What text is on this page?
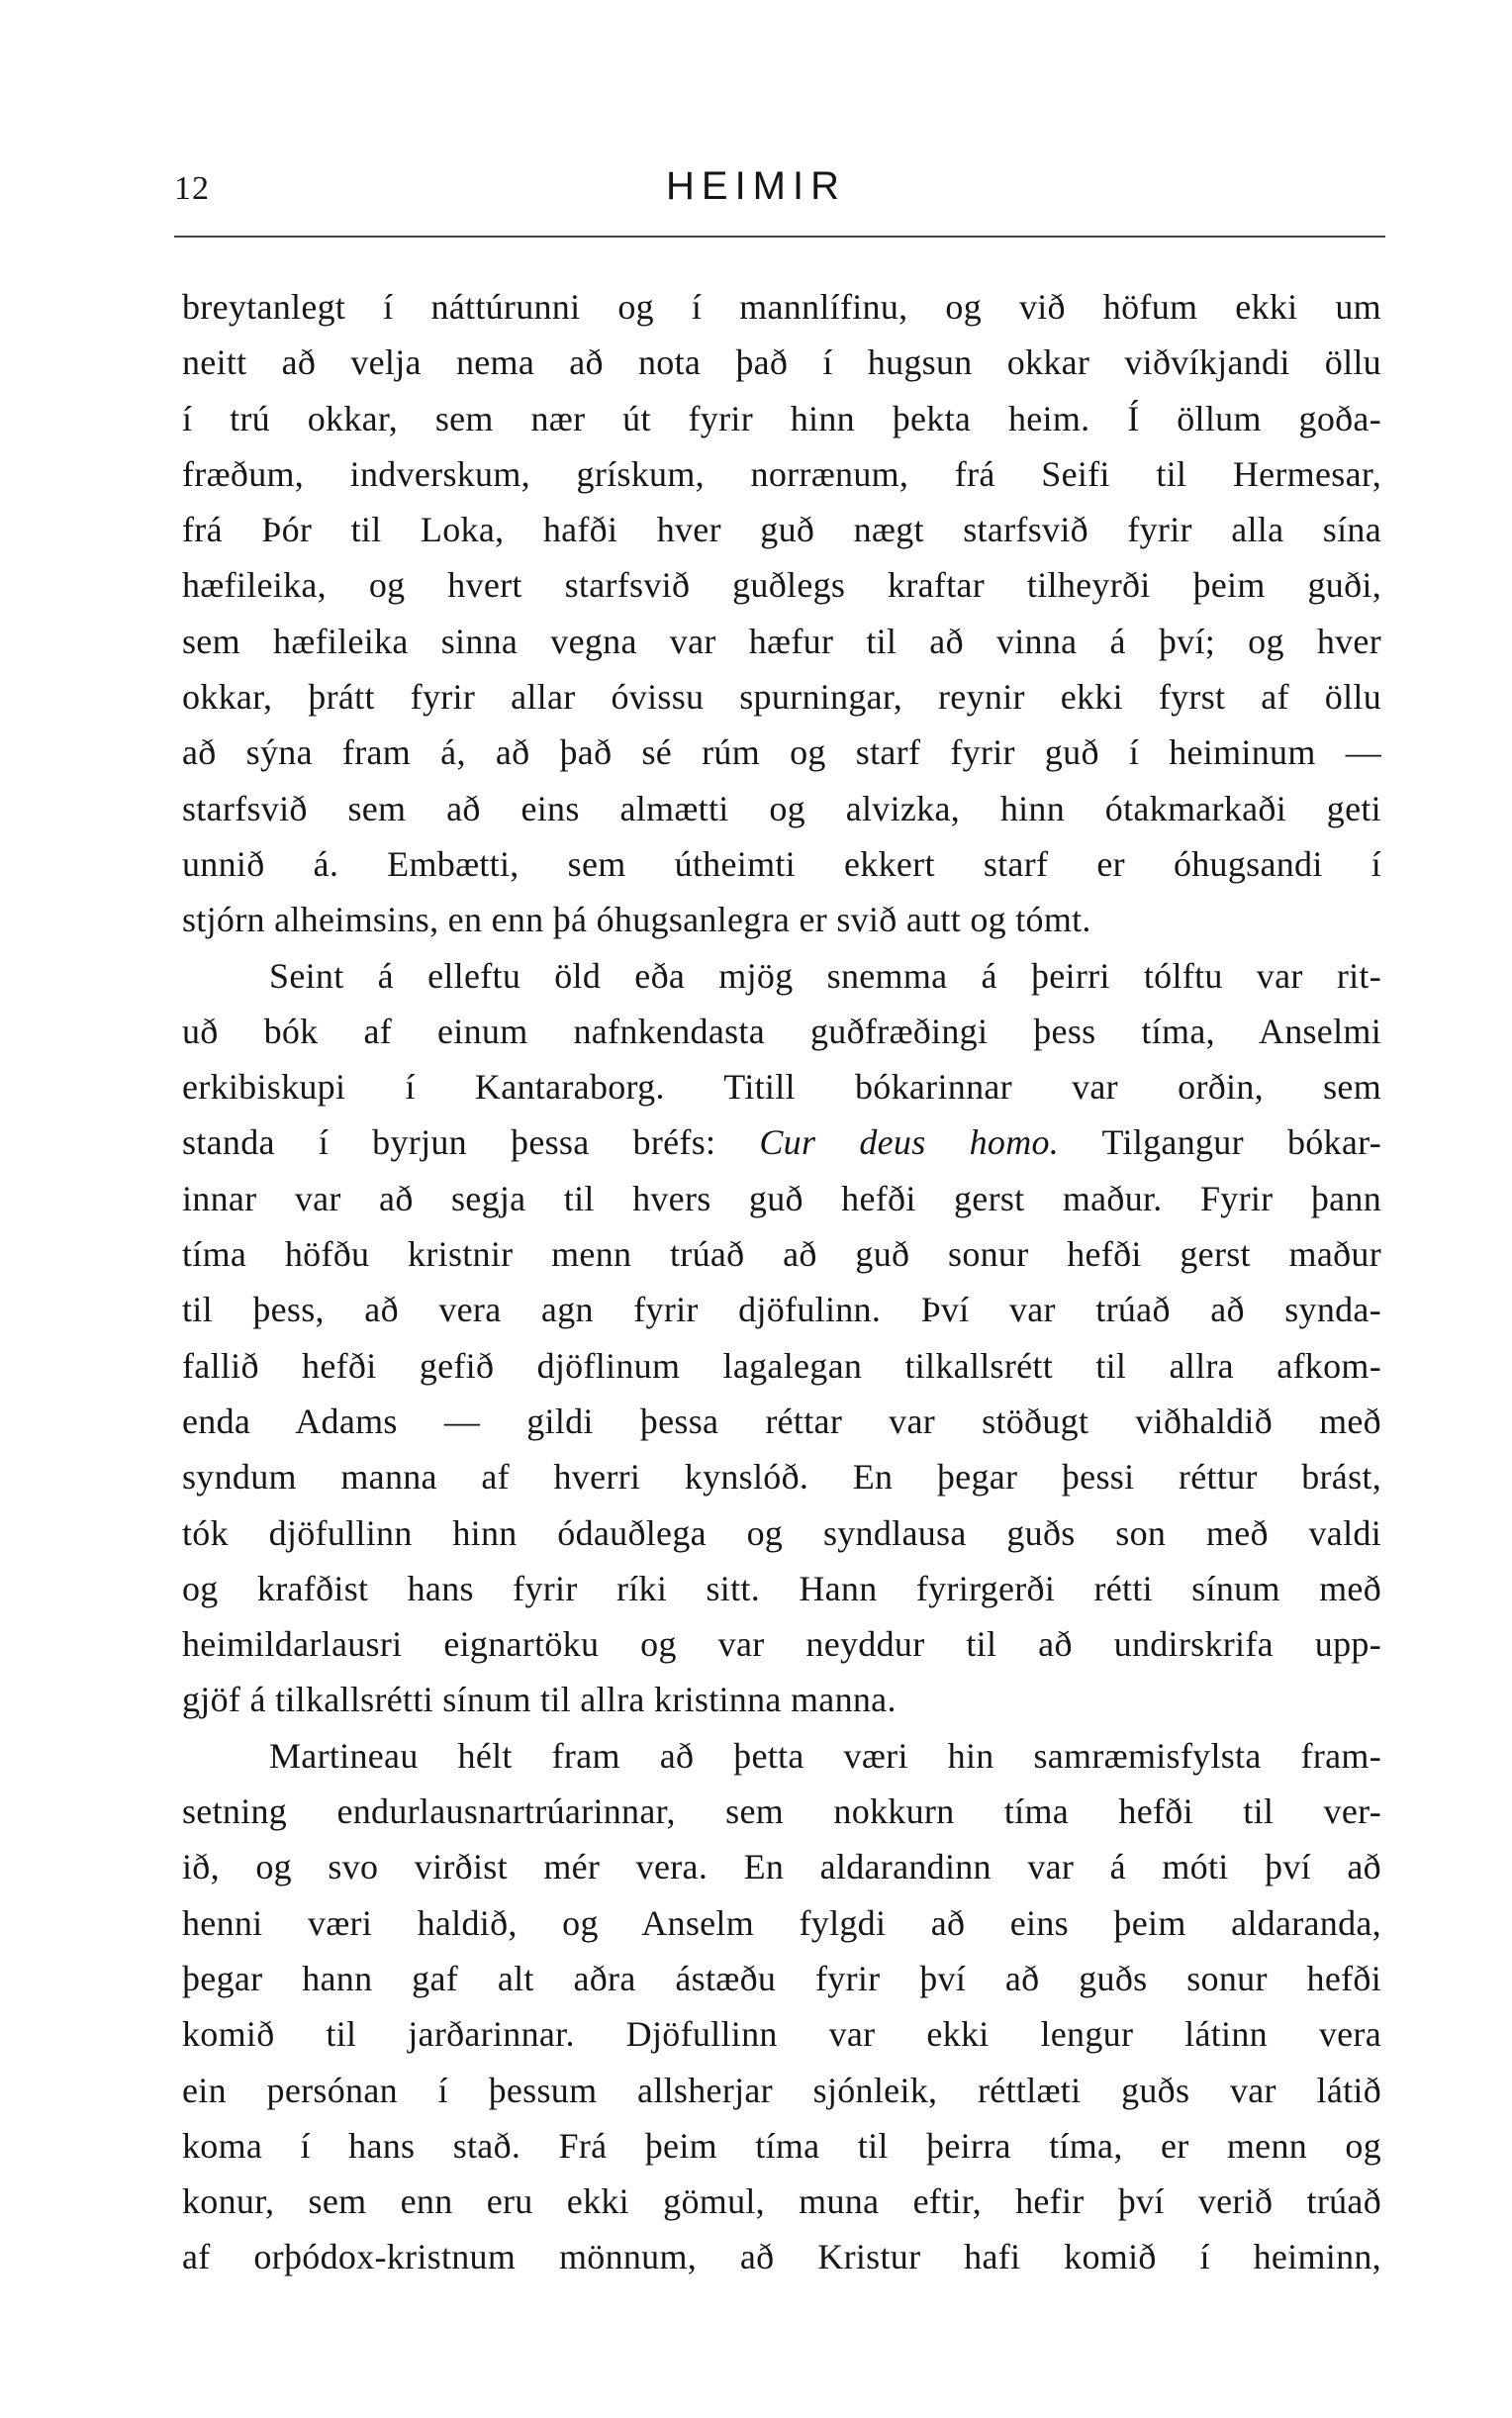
12	HEIMIR
breytanlegt í náttúrunni og í mannlífinu, og við höfum ekki um
neitt að velja nema að nota það í hugsun okkar viðvíkjandi öllu
í trú okkar, sem nær út fyrir hinn þekta heim. Í öllum goða-
fræðum, indverskum, grískum, norrænum, frá Seifi til Hermesar,
frá Þór til Loka, hafði hver guð nægt starfsvið fyrir alla sína
hæfileika, og hvert starfsvið guðlegs kraftar tilheyrði þeim guði,
sem hæfileika sinna vegna var hæfur til að vinna á því; og hver
okkar, þrátt fyrir allar óvissu spurningar, reynir ekki fyrst af öllu
að sýna fram á, að það sé rúm og starf fyrir guð í heiminum —
starfsvið sem að eins almætti og alvizka, hinn ótakmarkaði geti
unnið á. Embætti, sem útheimti ekkert starf er óhugsandi í
stjórn alheimsins, en enn þá óhugsanlegra er svið autt og tómt.
Seint á elleftu öld eða mjög snemma á þeirri tólftu var rit-
uð bók af einum nafnkendasta guðfræðingi þess tíma, Anselmi
erkibiskupi í Kantaraborg. Titill bókarinnar var orðin, sem
standa í byrjun þessa bréfs: Cur deus homo. Tilgangur bókar-
innar var að segja til hvers guð hefði gerst maður. Fyrir þann
tíma höfðu kristnir menn trúað að guð sonur hefði gerst maður
til þess, að vera agn fyrir djöfulinn. Því var trúað að synda-
fallið hefði gefið djöflinum lagalegan tilkallsrétt til allra afkom-
enda Adams — gildi þessa réttar var stöðugt viðhaldið með
syndum manna af hverri kynslóð. En þegar þessi réttur brást,
tók djöfullinn hinn ódauðlega og syndlausa guðs son með valdi
og krafðist hans fyrir ríki sitt. Hann fyrirgerði rétti sínum með
heimildarlausri eignartöku og var neyddur til að undirskrifa upp-
gjöf á tilkallsrétti sínum til allra kristinna manna.
Martineau hélt fram að þetta væri hin samræmisfylsta fram-
setning endurlausnartrúarinnar, sem nokkurn tíma hefði til ver-
ið, og svo virðist mér vera. En aldarandinn var á móti því að
henni væri haldið, og Anselm fylgdi að eins þeim aldaranda,
þegar hann gaf alt aðra ástæðu fyrir því að guðs sonur hefði
komið til jarðarinnar. Djöfullinn var ekki lengur látinn vera
ein persónan í þessum allsherjar sjónleik, réttlæti guðs var látið
koma í hans stað. Frá þeim tíma til þeirra tíma, er menn og
konur, sem enn eru ekki gömul, muna eftir, hefir því verið trúað
af orþódox-kristnum mönnum, að Kristur hafi komið í heiminn,
